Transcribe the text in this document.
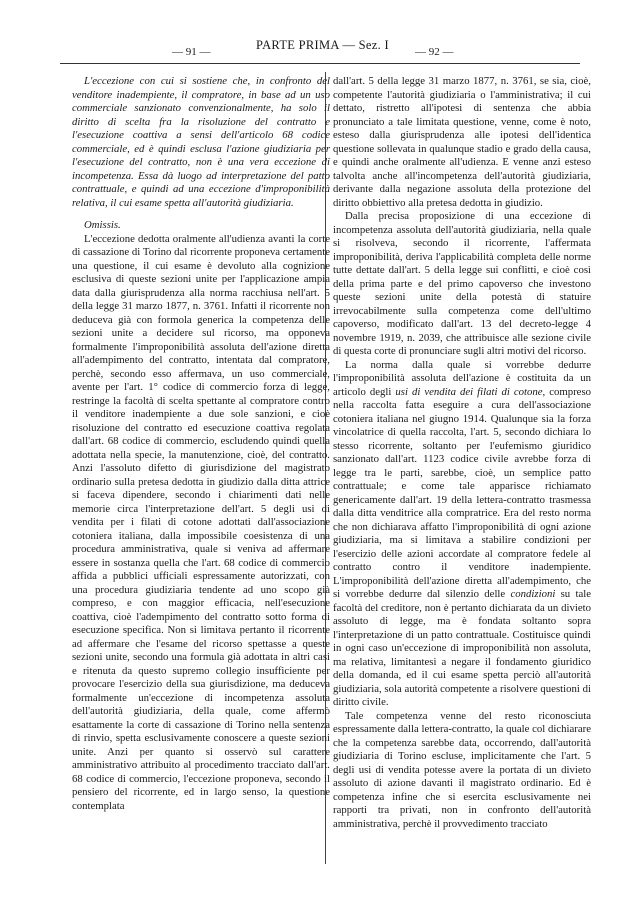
— 91 —	PARTE PRIMA — Sez. I — 92 —

L'eccezione con cui si sostiene che, in confronto del venditore inadempiente, il compratore, in base ad un uso commerciale sanzionato convenzionalmente, ha solo il diritto di scelta fra la risoluzione del contratto e l'esecuzione coattiva a sensi dell'articolo 68 codice commerciale, ed è quindi esclusa l'azione giudiziaria per l'esecuzione del contratto, non è una vera eccezione di incompetenza. Essa dà luogo ad interpretazione del patto contrattuale, e quindi ad una eccezione d'improponibilità relativa, il cui esame spetta all'autorità giudiziaria.

Omissis.

L'eccezione dedotta oralmente all'udienza avanti la corte di cassazione di Torino dal ricorrente proponeva certamente una questione, il cui esame è devoluto alla cognizione esclusiva di queste sezioni unite per l'applicazione ampia data dalla giurisprudenza alla norma racchiusa nell'art. 5 della legge 31 marzo 1877, n. 3761. Infatti il ricorrente non deduceva già con formola generica la competenza delle sezioni unite a decidere sul ricorso, ma opponeva formalmente l'improponibilità assoluta dell'azione diretta all'adempimento del contratto, intentata dal compratore, perchè, secondo esso affermava, un uso commerciale, avente per l'art. 1° codice di commercio forza di legge, restringe la facoltà di scelta spettante al compratore contro il venditore inadempiente a due sole sanzioni, e cioè risoluzione del contratto ed esecuzione coattiva regolata dall'art. 68 codice di commercio, escludendo quindi quella adottata nella specie, la manutenzione, cioè, del contratto. Anzi l'assoluto difetto di giurisdizione del magistrato ordinario sulla pretesa dedotta in giudizio dalla ditta attrice si faceva dipendere, secondo i chiarimenti dati nelle memorie circa l'interpretazione dell'art. 5 degli usi di vendita per i filati di cotone adottati dall'associazione cotoniera italiana, dalla impossibile coesistenza di una procedura amministrativa, quale si veniva ad affermare essere in sostanza quella che l'art. 68 codice di commercio affida a pubblici ufficiali espressamente autorizzati, con una procedura giudiziaria tendente ad uno scopo già compreso, e con maggior efficacia, nell'esecuzione coattiva, cioè l'adempimento del contratto sotto forma di esecuzione specifica. Non si limitava pertanto il ricorrente ad affermare che l'esame del ricorso spettasse a queste sezioni unite, secondo una formula già adottata in altri casi e ritenuta da questo supremo collegio insufficiente per provocare l'esercizio della sua giurisdizione, ma deduceva formalmente un'eccezione di incompetenza assoluta dell'autorità giudiziaria, della quale, come affermò esattamente la corte di cassazione di Torino nella sentenza di rinvio, spetta esclusivamente conoscere a queste sezioni unite. Anzi per quanto si osservò sul carattere amministrativo attribuito al procedimento tracciato dall'art. 68 codice di commercio, l'eccezione proponeva, secondo il pensiero del ricorrente, ed in largo senso, la questione contemplata

dall'art. 5 della legge 31 marzo 1877, n. 3761, se sia, cioè, competente l'autorità giudiziaria o l'amministrativa; il cui dettato, ristretto all'ipotesi di sentenza che abbia pronunciato a tale limitata questione, venne, come è noto, esteso dalla giurisprudenza alle ipotesi dell'identica questione sollevata in qualunque stadio e grado della causa, e quindi anche oralmente all'udienza. E venne anzi esteso talvolta anche all'incompetenza dell'autorità giudiziaria, derivante dalla negazione assoluta della protezione del diritto obbiettivo alla pretesa dedotta in giudizio.

Dalla precisa proposizione di una eccezione di incompetenza assoluta dell'autorità giudiziaria, nella quale si risolveva, secondo il ricorrente, l'affermata improponibilità, deriva l'applicabilità completa delle norme tutte dettate dall'art. 5 della legge sui conflitti, e cioè così della prima parte e del primo capoverso che investono queste sezioni unite della potestà di statuire irrevocabilmente sulla competenza come dell'ultimo capoverso, modificato dall'art. 13 del decreto-legge 4 novembre 1919, n. 2039, che attribuisce alle sezione civile di questa corte di pronunciare sugli altri motivi del ricorso.

La norma dalla quale si vorrebbe dedurre l'improponibilità assoluta dell'azione è costituita da un articolo degli usi di vendita dei filati di cotone, compreso nella raccolta fatta eseguire a cura dell'associazione cotoniera italiana nel giugno 1914. Qualunque sia la forza vincolatrice di quella raccolta, l'art. 5, secondo dichiara lo stesso ricorrente, soltanto per l'eufemismo giuridico sanzionato dall'art. 1123 codice civile avrebbe forza di legge tra le parti, sarebbe, cioè, un semplice patto contrattuale; e come tale apparisce richiamato genericamente dall'art. 19 della lettera-contratto trasmessa dalla ditta venditrice alla compratrice. Era del resto norma che non dichiarava affatto l'improponibilità di ogni azione giudiziaria, ma si limitava a stabilire condizioni per l'esercizio delle azioni accordate al compratore fedele al contratto contro il venditore inadempiente. L'improponibilità dell'azione diretta all'adempimento, che si vorrebbe dedurre dal silenzio delle condizioni su tale facoltà del creditore, non è pertanto dichiarata da un divieto assoluto di legge, ma è fondata soltanto sopra l'interpretazione di un patto contrattuale. Costituisce quindi in ogni caso un'eccezione di improponibilità non assoluta, ma relativa, limitantesi a negare il fondamento giuridico della domanda, ed il cui esame spetta perciò all'autorità giudiziaria, sola autorità competente a risolvere questioni di diritto civile.

Tale competenza venne del resto riconosciuta espressamente dalla lettera-contratto, la quale col dichiarare che la competenza sarebbe data, occorrendo, dall'autorità giudiziaria di Torino escluse, implicitamente che l'art. 5 degli usi di vendita potesse avere la portata di un divieto assoluto di azione davanti il magistrato ordinario. Ed è competenza infine che si esercita esclusivamente nei rapporti tra privati, non in confronto dell'autorità amministrativa, perchè il provvedimento tracciato
